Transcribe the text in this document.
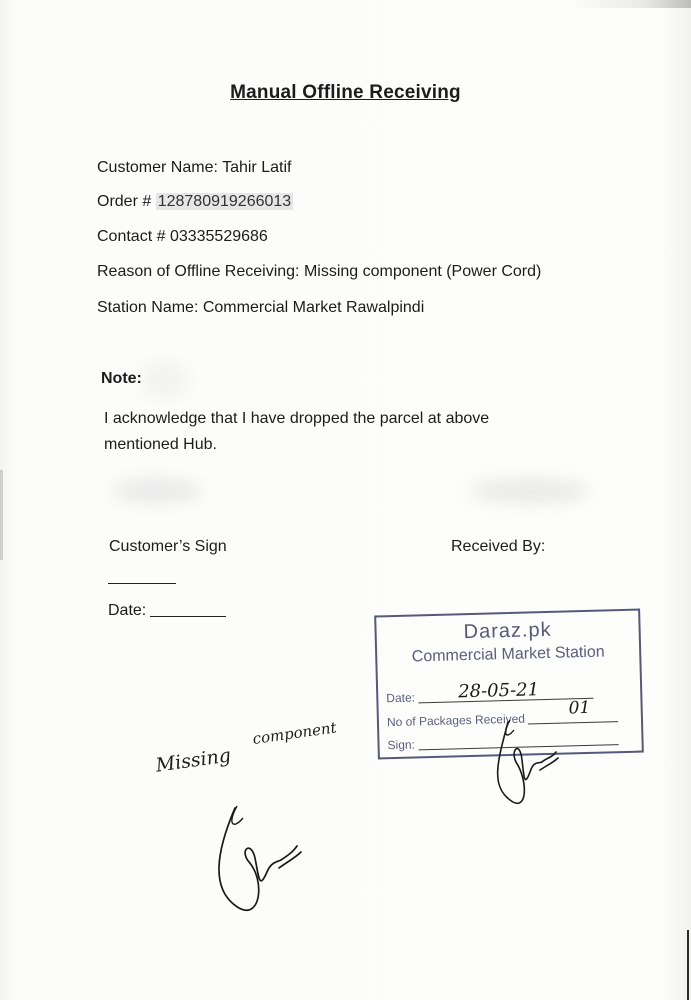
Manual Offline Receiving
Customer Name: Tahir Latif
Order # 128780919266013
Contact # 03335529686
Reason of Offline Receiving: Missing component (Power Cord)
Station Name: Commercial Market Rawalpindi
Note:
I acknowledge that I have dropped the parcel at above mentioned Hub.
Customer’s Sign
Date:
Received By:
Daraz.pk
Commercial Market Station
Date:	28-05-21
No of Packages Received
01
Sign:
Missing component
